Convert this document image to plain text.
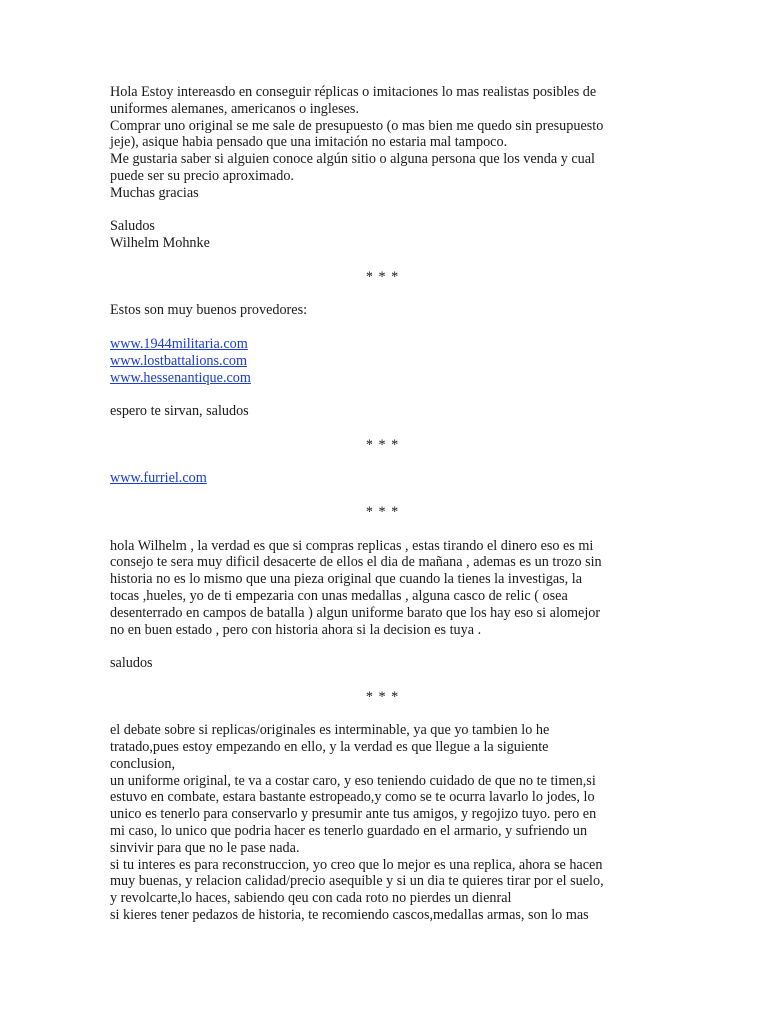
Hola Estoy intereasdo en conseguir réplicas o imitaciones lo mas realistas posibles de

uniformes alemanes, americanos o ingleses.

Comprar uno original se me sale de presupuesto (o mas bien me quedo sin presupuesto

jeje), asique habia pensado que una imitación no estaria mal tampoco.

Me gustaria saber si alguien conoce algún sitio o alguna persona que los venda y cual

puede ser su precio aproximado.

Muchas gracias

Saludos

Wilhelm Mohnke

* * *

Estos son muy buenos provedores:

www.1944militaria.com

www.lostbattalions.com

www.hessenantique.com

espero te sirvan, saludos

* * *

www.furriel.com

* * *

hola Wilhelm , la verdad es que si compras replicas , estas tirando el dinero eso es mi

consejo te sera muy dificil desacerte de ellos el dia de mañana , ademas es un trozo sin

historia no es lo mismo que una pieza original que cuando la tienes la investigas, la

tocas ,hueles, yo de ti empezaria con unas medallas , alguna casco de relic ( osea

desenterrado en campos de batalla ) algun uniforme barato que los hay eso si alomejor

no en buen estado , pero con historia ahora si la decision es tuya .

saludos

* * *

el debate sobre si replicas/originales es interminable, ya que yo tambien lo he

tratado,pues estoy empezando en ello, y la verdad es que llegue a la siguiente

conclusion,

un uniforme original, te va a costar caro, y eso teniendo cuidado de que no te timen,si

estuvo en combate, estara bastante estropeado,y como se te ocurra lavarlo lo jodes, lo

unico es tenerlo para conservarlo y presumir ante tus amigos, y regojizo tuyo. pero en

mi caso, lo unico que podria hacer es tenerlo guardado en el armario, y sufriendo un

sinvivir para que no le pase nada.

si tu interes es para reconstruccion, yo creo que lo mejor es una replica, ahora se hacen

muy buenas, y relacion calidad/precio asequible y si un dia te quieres tirar por el suelo,

y revolcarte,lo haces, sabiendo qeu con cada roto no pierdes un dienral

si kieres tener pedazos de historia, te recomiendo cascos,medallas armas, son lo mas
